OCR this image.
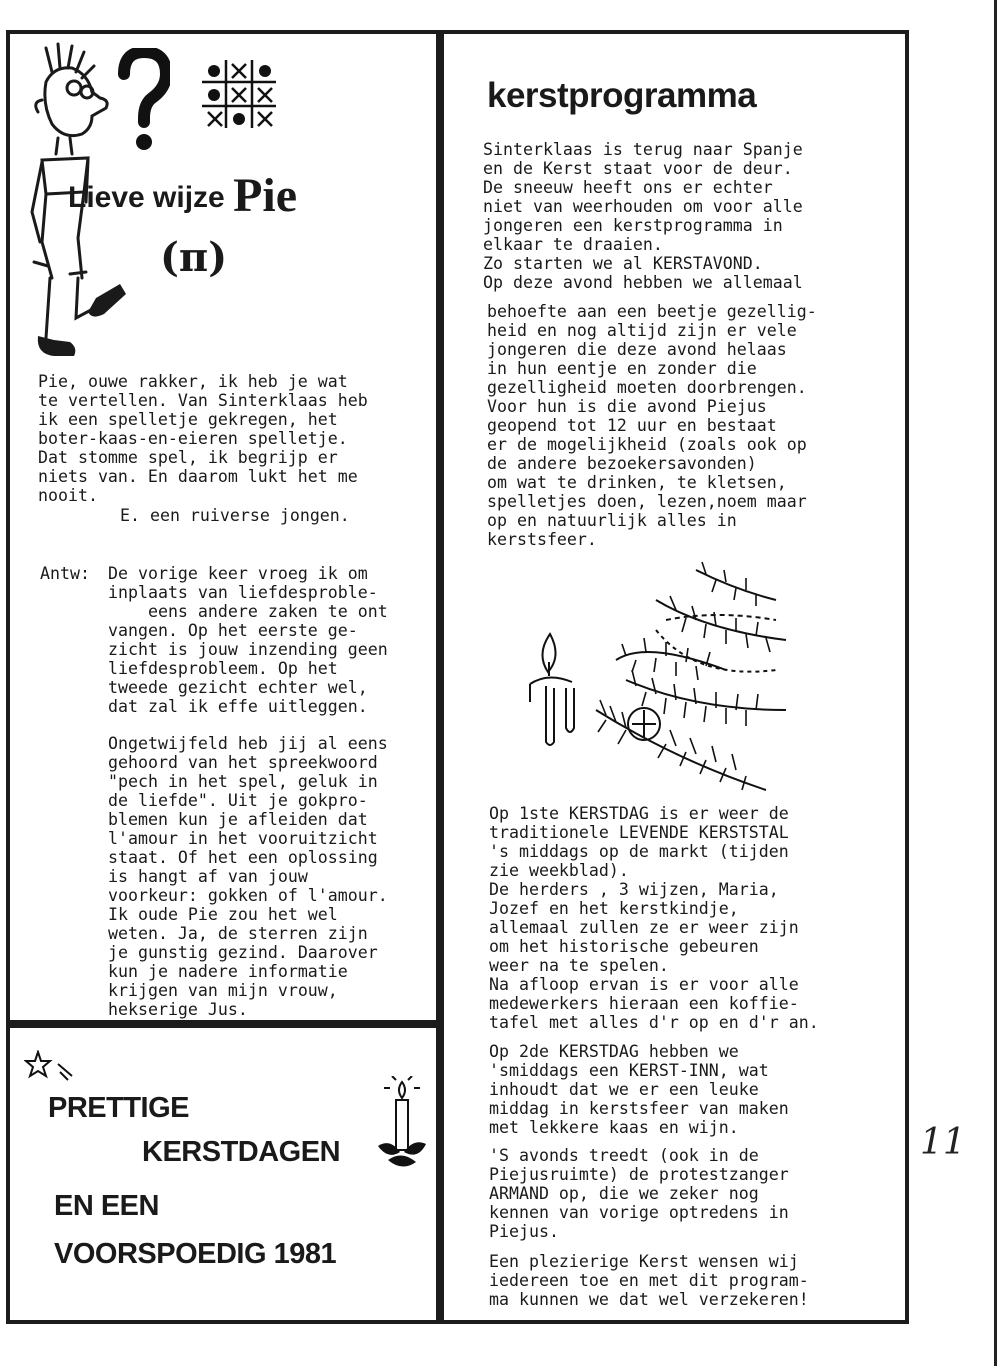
11
Lieve wijze Pie
(π)

Pie, ouwe rakker, ik heb je wat
te vertellen. Van Sinterklaas heb
ik een spelletje gekregen, het
boter-kaas-en-eieren spelletje.
Dat stomme spel, ik begrijp er
niets van. En daarom lukt het me
nooit.

E. een ruiverse jongen.

Antw: De vorige keer vroeg ik om
inplaats van liefdesproble-
eens andere zaken te ont
vangen. Op het eerste ge-
zicht is jouw inzending geen
liefdesprobleem. Op het
tweede gezicht echter wel,
dat zal ik effe uitleggen.

Ongetwijfeld heb jij al eens
gehoord van het spreekwoord
"pech in het spel, geluk in
de liefde". Uit je gokpro-
blemen kun je afleiden dat
l'amour in het vooruitzicht
staat. Of het een oplossing
is hangt af van jouw
voorkeur: gokken of l'amour.
Ik oude Pie zou het wel
weten. Ja, de sterren zijn
je gunstig gezind. Daarover
kun je nadere informatie
krijgen van mijn vrouw,
hekserige Jus.

PRETTIGE
KERSTDAGEN
EN EEN
VOORSPOEDIG 1981
kerstprogramma

Sinterklaas is terug naar Spanje
en de Kerst staat voor de deur.
De sneeuw heeft ons er echter
niet van weerhouden om voor alle
jongeren een kerstprogramma in
elkaar te draaien.
Zo starten we al KERSTAVOND.
Op deze avond hebben we allemaal

behoefte aan een beetje gezellig-
heid en nog altijd zijn er vele
jongeren die deze avond helaas
in hun eentje en zonder die
gezelligheid moeten doorbrengen.
Voor hun is die avond Piejus
geopend tot 12 uur en bestaat
er de mogelijkheid (zoals ook op
de andere bezoekersavonden)
om wat te drinken, te kletsen,
spelletjes doen, lezen,noem maar
op en natuurlijk alles in
kerstsfeer.

Op 1ste KERSTDAG is er weer de
traditionele LEVENDE KERSTSTAL
's middags op de markt (tijden
zie weekblad).
De herders , 3 wijzen, Maria,
Jozef en het kerstkindje,
allemaal zullen ze er weer zijn
om het historische gebeuren
weer na te spelen.
Na afloop ervan is er voor alle
medewerkers hieraan een koffie-
tafel met alles d'r op en d'r an.

Op 2de KERSTDAG hebben we
'smiddags een KERST-INN, wat
inhoudt dat we er een leuke
middag in kerstsfeer van maken
met lekkere kaas en wijn.

'S avonds treedt (ook in de
Piejusruimte) de protestzanger
ARMAND op, die we zeker nog
kennen van vorige optredens in
Piejus.

Een plezierige Kerst wensen wij
iedereen toe en met dit program-
ma kunnen we dat wel verzekeren!
